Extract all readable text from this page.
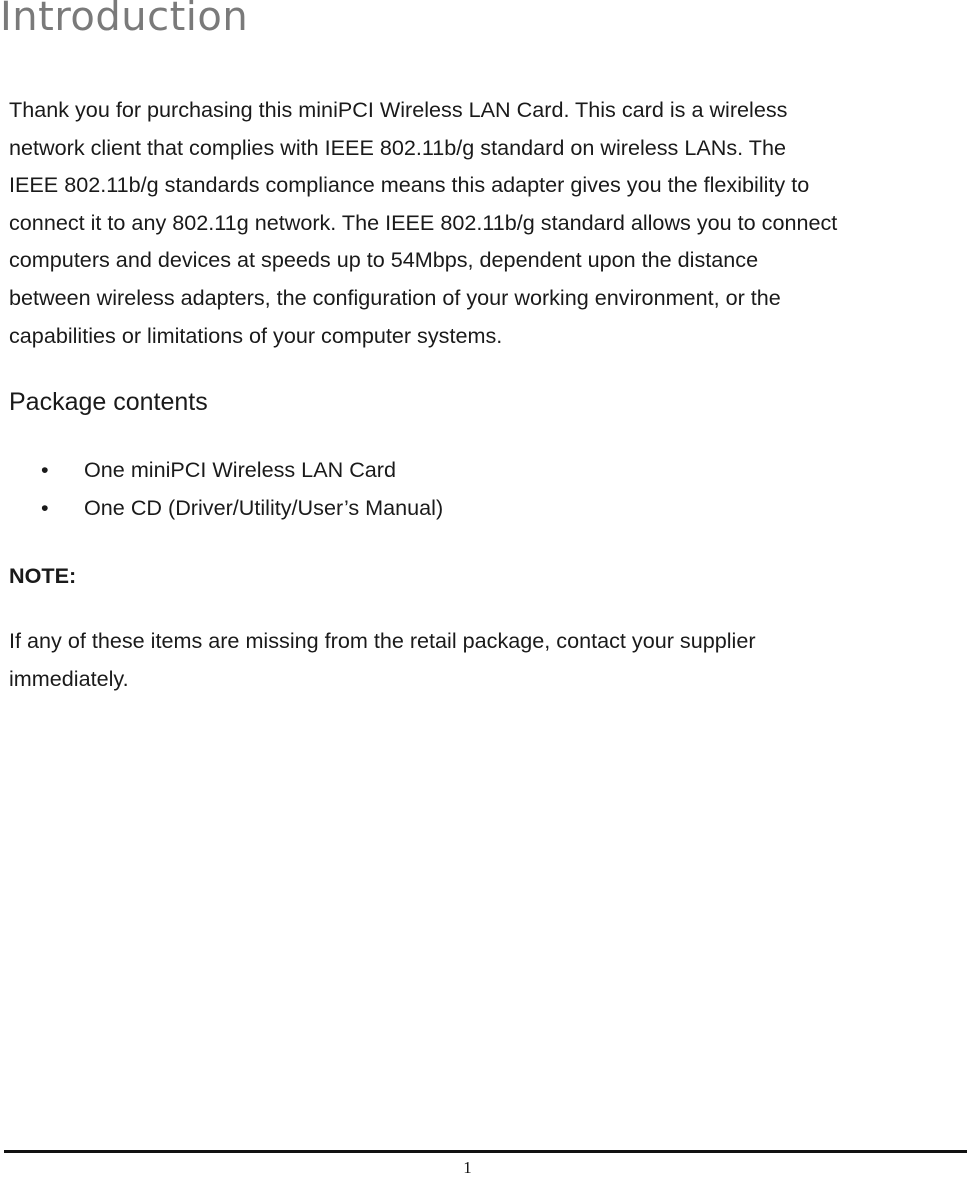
Introduction

Thank you for purchasing this miniPCI Wireless LAN Card. This card is a wireless
network client that complies with IEEE 802.11b/g standard on wireless LANs. The
IEEE 802.11b/g standards compliance means this adapter gives you the flexibility to
connect it to any 802.11g network. The IEEE 802.11b/g standard allows you to connect
computers and devices at speeds up to 54Mbps, dependent upon the distance
between wireless adapters, the configuration of your working environment, or the
capabilities or limitations of your computer systems.

Package contents
• One miniPCI Wireless LAN Card
• One CD (Driver/Utility/User’s Manual)

NOTE:

If any of these items are missing from the retail package, contact your supplier
immediately.

1
